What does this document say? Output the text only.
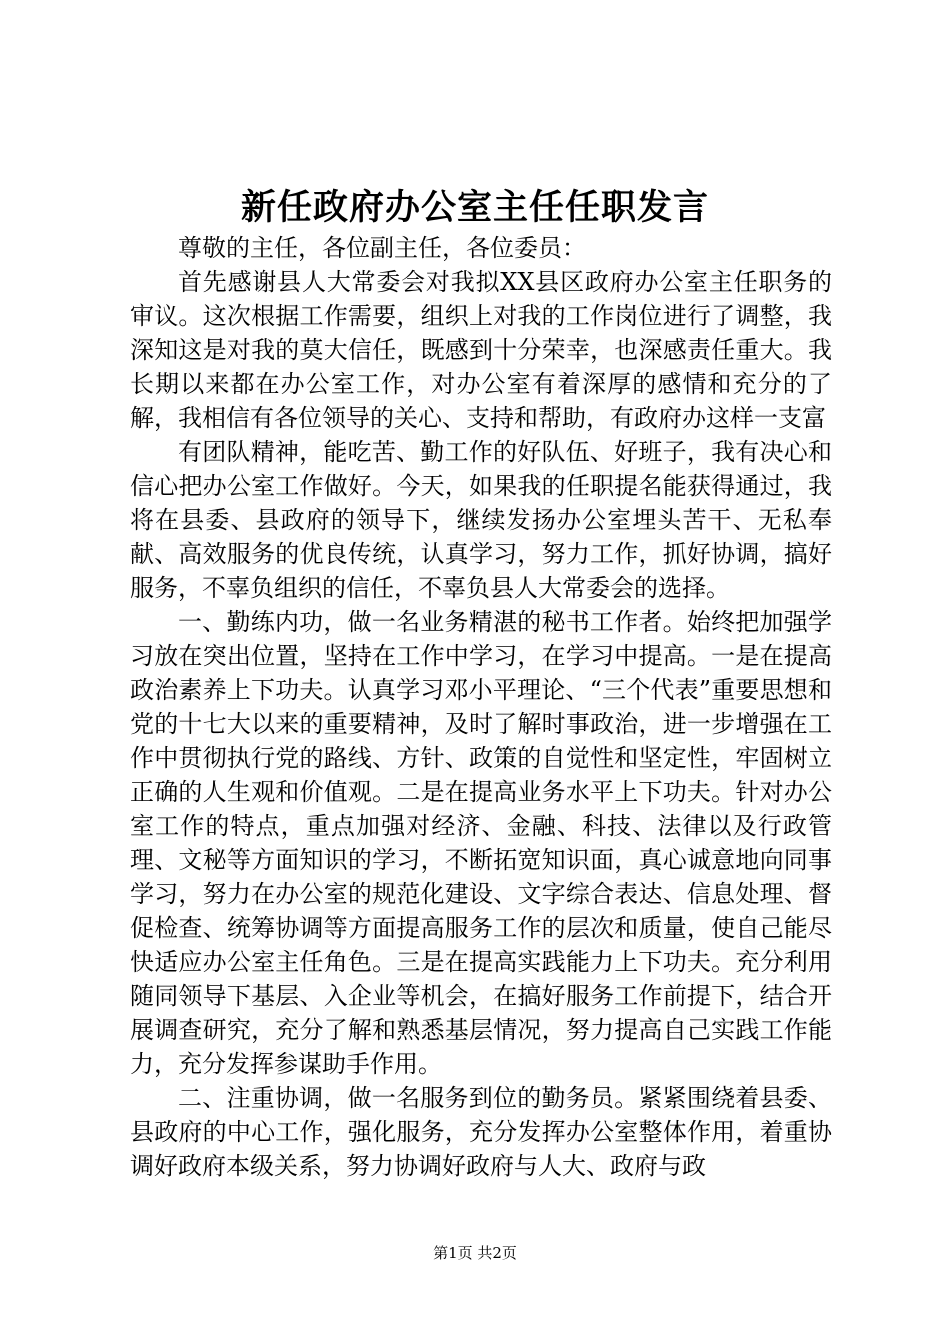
新任政府办公室主任任职发言

尊敬的主任，各位副主任，各位委员：

首先感谢县人大常委会对我拟XX县区政府办公室主任职务的审议。这次根据工作需要，组织上对我的工作岗位进行了调整，我深知这是对我的莫大信任，既感到十分荣幸，也深感责任重大。我长期以来都在办公室工作，对办公室有着深厚的感情和充分的了解，我相信有各位领导的关心、支持和帮助，有政府办这样一支富

有团队精神，能吃苦、勤工作的好队伍、好班子，我有决心和信心把办公室工作做好。今天，如果我的任职提名能获得通过，我将在县委、县政府的领导下，继续发扬办公室埋头苦干、无私奉献、高效服务的优良传统，认真学习，努力工作，抓好协调，搞好服务，不辜负组织的信任，不辜负县人大常委会的选择。

一、勤练内功，做一名业务精湛的秘书工作者。始终把加强学习放在突出位置，坚持在工作中学习，在学习中提高。一是在提高政治素养上下功夫。认真学习邓小平理论、“三个代表”重要思想和党的十七大以来的重要精神，及时了解时事政治，进一步增强在工作中贯彻执行党的路线、方针、政策的自觉性和坚定性，牢固树立正确的人生观和价值观。二是在提高业务水平上下功夫。针对办公室工作的特点，重点加强对经济、金融、科技、法律以及行政管理、文秘等方面知识的学习，不断拓宽知识面，真心诚意地向同事学习，努力在办公室的规范化建设、文字综合表达、信息处理、督促检查、统筹协调等方面提高服务工作的层次和质量，使自己能尽快适应办公室主任角色。三是在提高实践能力上下功夫。充分利用随同领导下基层、入企业等机会，在搞好服务工作前提下，结合开展调查研究，充分了解和熟悉基层情况，努力提高自己实践工作能力，充分发挥参谋助手作用。

二、注重协调，做一名服务到位的勤务员。紧紧围绕着县委、县政府的中心工作，强化服务，充分发挥办公室整体作用，着重协调好政府本级关系，努力协调好政府与人大、政府与政

第1页 共2页
